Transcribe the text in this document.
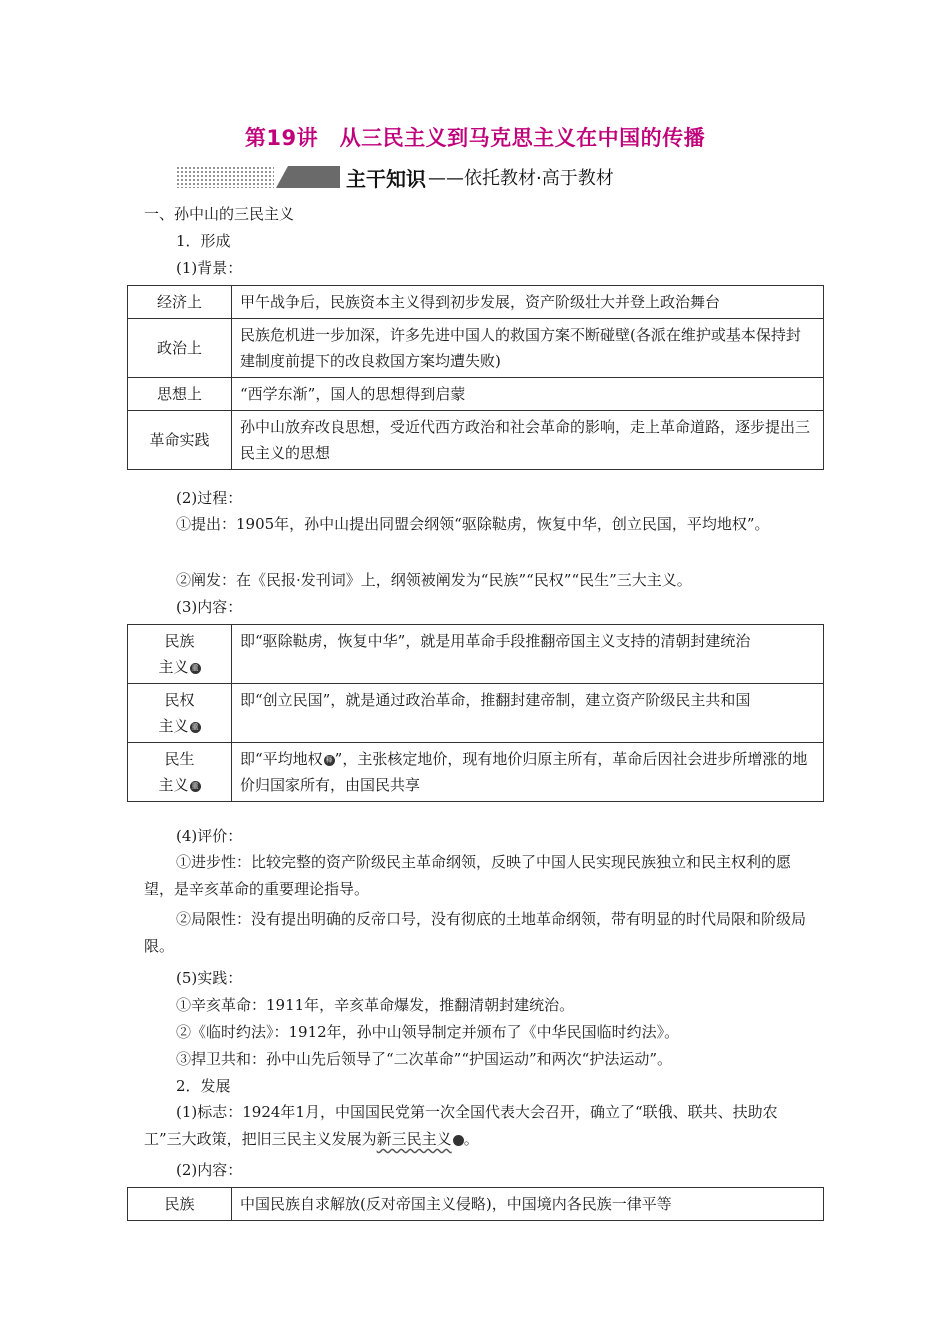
第19讲　从三民主义到马克思主义在中国的传播
主干知识 ——依托教材·高于教材
一、孙中山的三民主义
1．形成
(1)背景：
经济上	甲午战争后，民族资本主义得到初步发展，资产阶级壮大并登上政治舞台
政治上	民族危机进一步加深，许多先进中国人的救国方案不断碰壁(各派在维护或基本保持封建制度前提下的改良救国方案均遭失败)
思想上	“西学东渐”，国人的思想得到启蒙
革命实践	孙中山放弃改良思想，受近代西方政治和社会革命的影响，走上革命道路，逐步提出三民主义的思想
(2)过程：
①提出：1905年，孙中山提出同盟会纲领“驱除鞑虏，恢复中华，创立民国，平均地权”。
②阐发：在《民报·发刊词》上，纲领被阐发为“民族”“民权”“民生”三大主义。
(3)内容：
民族
主义 重	即“驱除鞑虏，恢复中华”，就是用革命手段推翻帝国主义支持的清朝封建统治

民权
主义 重	即“创立民国”，就是通过政治革命，推翻封建帝制，建立资产阶级民主共和国

民生
主义 重	即“平均地权 释 ”，主张核定地价，现有地价归原主所有，革命后因社会进步所增涨的地价归国家所有，由国民共享
(4)评价：
①进步性：比较完整的资产阶级民主革命纲领，反映了中国人民实现民族独立和民主权利的愿望，是辛亥革命的重要理论指导。
②局限性：没有提出明确的反帝口号，没有彻底的土地革命纲领，带有明显的时代局限和阶级局限。
(5)实践：
①辛亥革命：1911年，辛亥革命爆发，推翻清朝封建统治。
②《临时约法》：1912年，孙中山领导制定并颁布了《中华民国临时约法》。
③捍卫共和：孙中山先后领导了“二次革命”“护国运动”和两次“护法运动”。
2．发展
(1)标志：1924年1月，中国国民党第一次全国代表大会召开，确立了“联俄、联共、扶助农工”三大政策，把旧三民主义发展为新三民主义	拓。
(2)内容：
民族	中国民族自求解放(反对帝国主义侵略)，中国境内各民族一律平等
